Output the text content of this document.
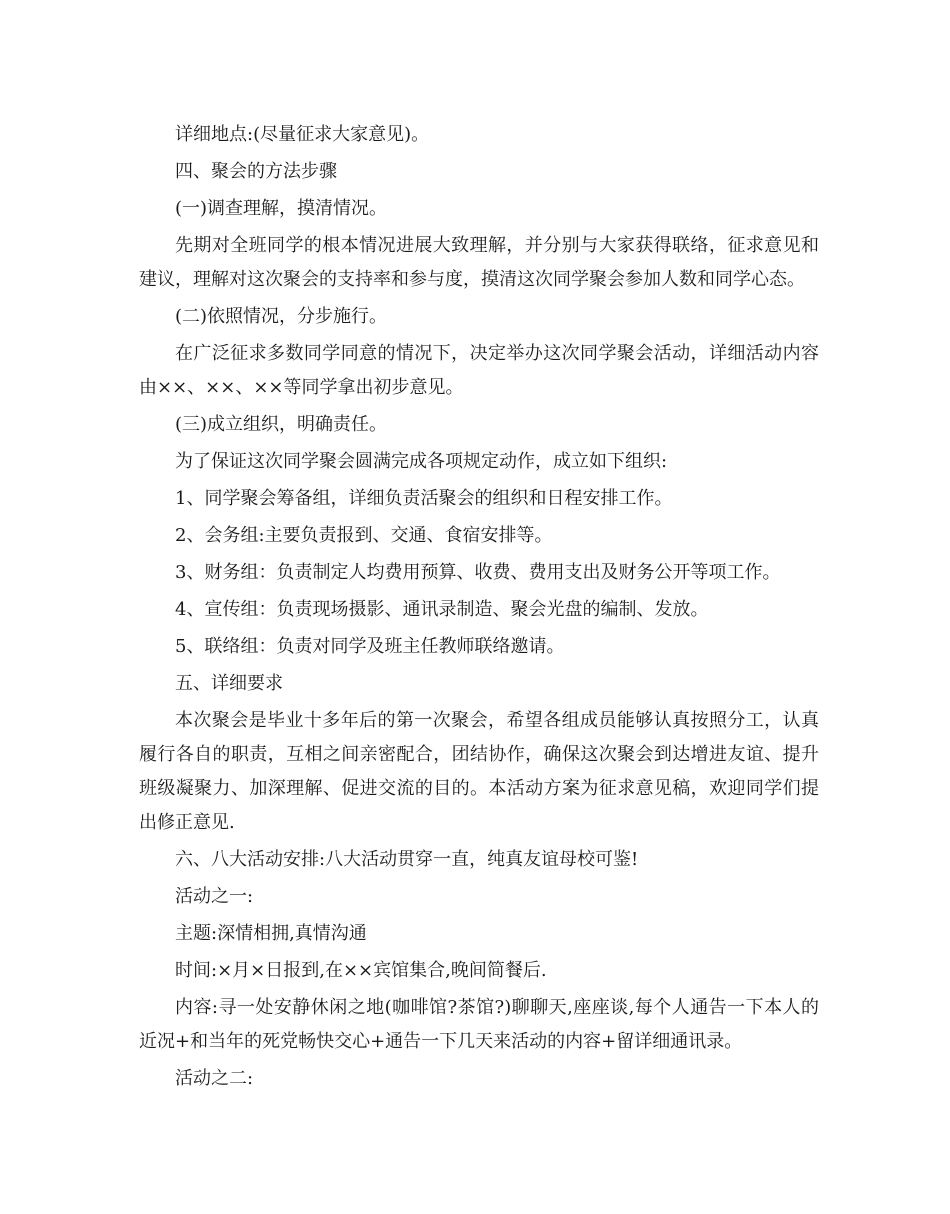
详细地点:(尽量征求大家意见)。

四、聚会的方法步骤

(一)调查理解，摸清情况。

先期对全班同学的根本情况进展大致理解，并分别与大家获得联络，征求意见和建议，理解对这次聚会的支持率和参与度，摸清这次同学聚会参加人数和同学心态。

(二)依照情况，分步施行。

在广泛征求多数同学同意的情况下，决定举办这次同学聚会活动，详细活动内容由××、××、××等同学拿出初步意见。

(三)成立组织，明确责任。

为了保证这次同学聚会圆满完成各项规定动作，成立如下组织:

1、同学聚会筹备组，详细负责活聚会的组织和日程安排工作。

2、会务组:主要负责报到、交通、食宿安排等。

3、财务组：负责制定人均费用预算、收费、费用支出及财务公开等项工作。

4、宣传组：负责现场摄影、通讯录制造、聚会光盘的编制、发放。

5、联络组：负责对同学及班主任教师联络邀请。

五、详细要求

本次聚会是毕业十多年后的第一次聚会，希望各组成员能够认真按照分工，认真履行各自的职责，互相之间亲密配合，团结协作，确保这次聚会到达增进友谊、提升班级凝聚力、加深理解、促进交流的目的。本活动方案为征求意见稿，欢迎同学们提出修正意见.

六、八大活动安排:八大活动贯穿一直，纯真友谊母校可鉴!

活动之一:

主题:深情相拥,真情沟通

时间:×月×日报到,在××宾馆集合,晚间简餐后.

内容:寻一处安静休闲之地(咖啡馆?茶馆?)聊聊天,座座谈,每个人通告一下本人的近况+和当年的死党畅快交心+通告一下几天来活动的内容+留详细通讯录。

活动之二:
